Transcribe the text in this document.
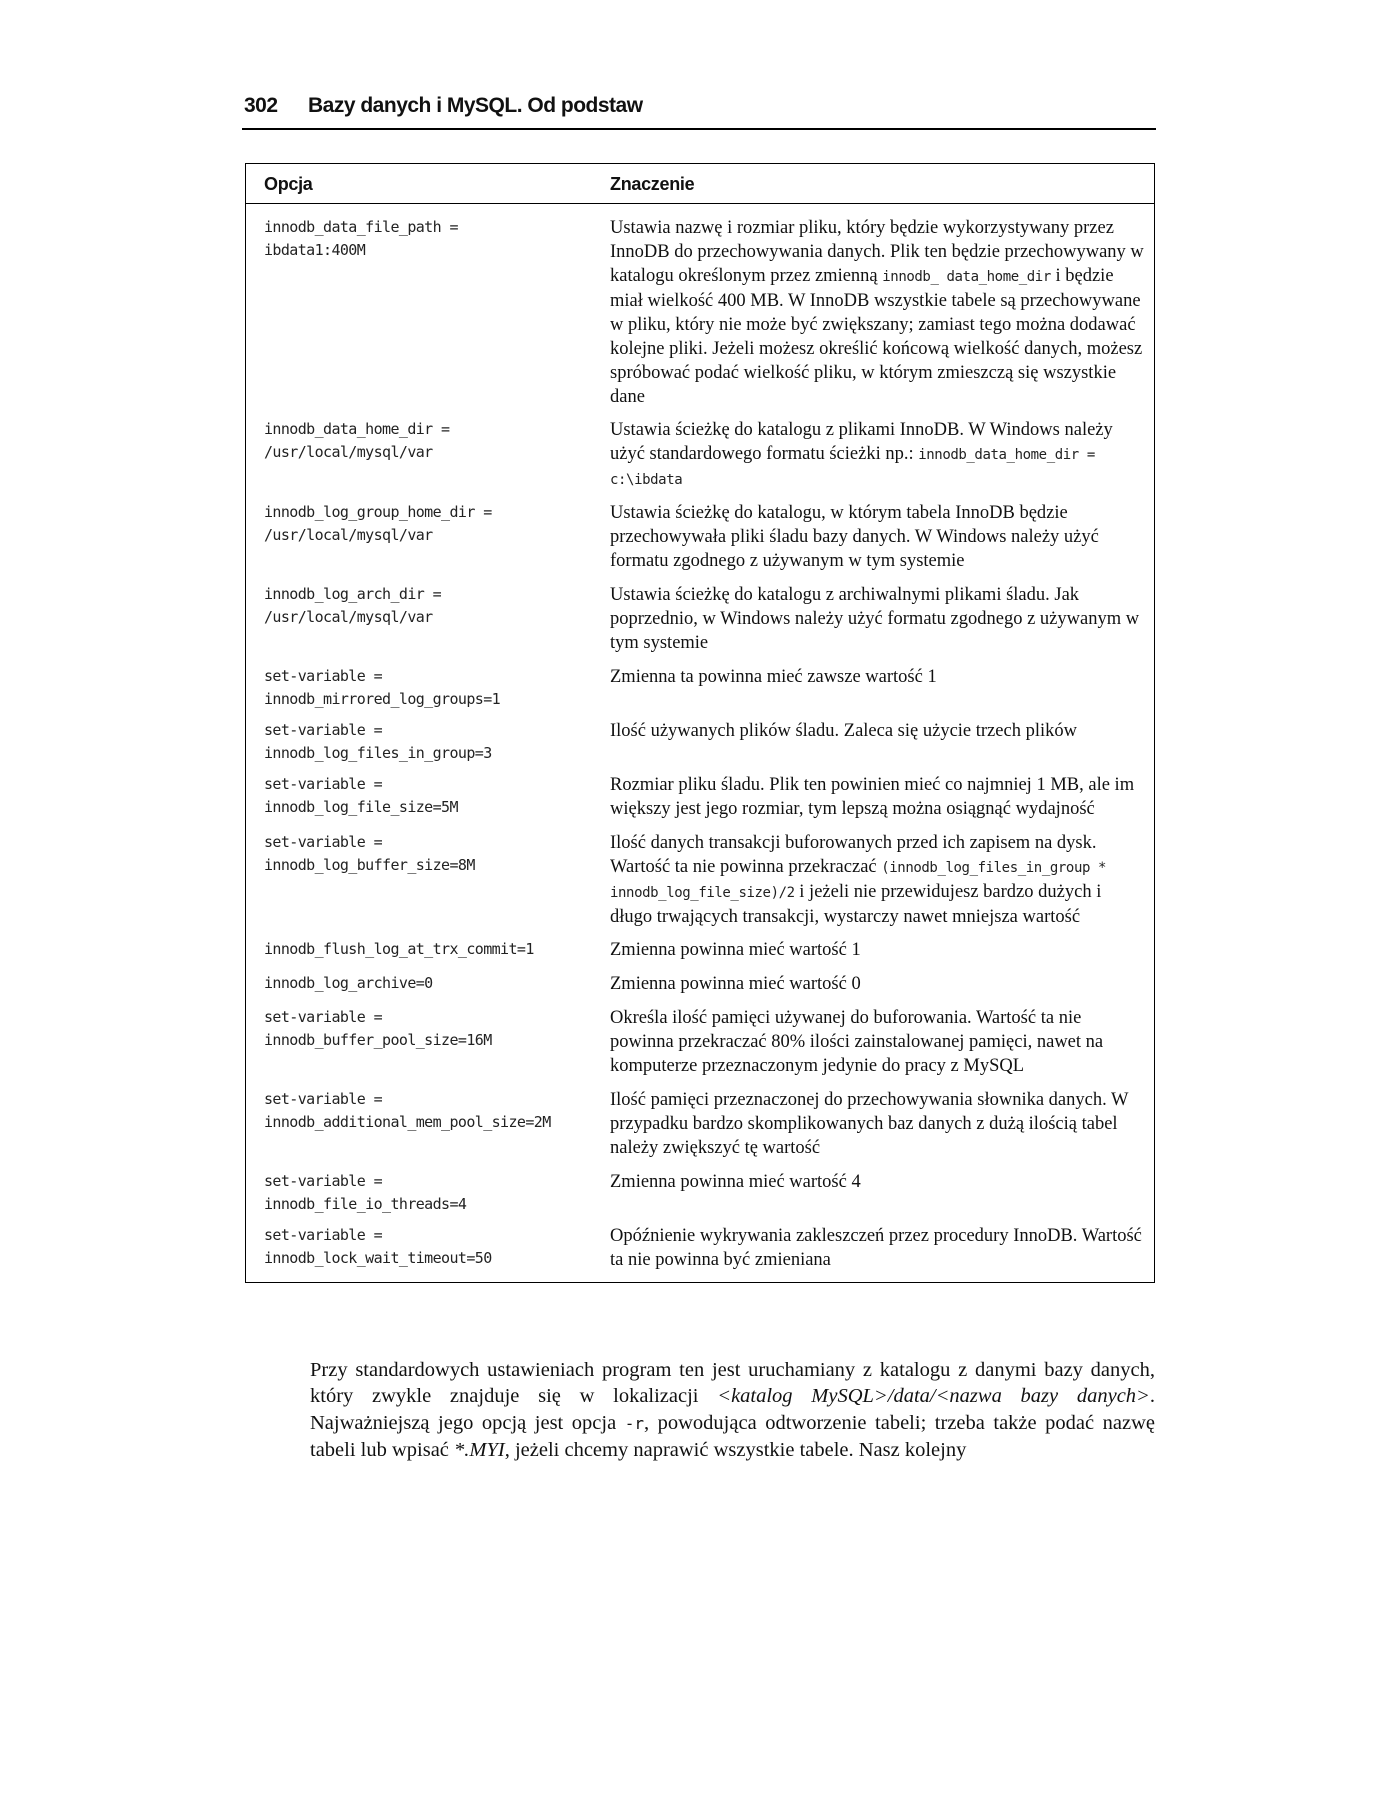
302 Bazy danych i MySQL. Od podstaw
Opcja	Znaczenie
innodb_data_file_path =
ibdata1:400M	Ustawia nazwę i rozmiar pliku, który będzie wykorzystywany przez InnoDB do przechowywania danych. Plik ten będzie przechowywany w katalogu określonym przez zmienną innodb_ data_home_dir i będzie miał wielkość 400 MB. W InnoDB wszystkie tabele są przechowywane w pliku, który nie może być zwiększany; zamiast tego można dodawać kolejne pliki. Jeżeli możesz określić końcową wielkość danych, możesz spróbować podać wielkość pliku, w którym zmieszczą się wszystkie dane
innodb_data_home_dir =
/usr/local/mysql/var	Ustawia ścieżkę do katalogu z plikami InnoDB. W Windows należy użyć standardowego formatu ścieżki np.: innodb_data_home_dir = c:\ibdata
innodb_log_group_home_dir =
/usr/local/mysql/var	Ustawia ścieżkę do katalogu, w którym tabela InnoDB będzie przechowywała pliki śladu bazy danych. W Windows należy użyć formatu zgodnego z używanym w tym systemie
innodb_log_arch_dir =
/usr/local/mysql/var	Ustawia ścieżkę do katalogu z archiwalnymi plikami śladu. Jak poprzednio, w Windows należy użyć formatu zgodnego z używanym w tym systemie
set-variable =
innodb_mirrored_log_groups=1	Zmienna ta powinna mieć zawsze wartość 1
set-variable =
innodb_log_files_in_group=3	Ilość używanych plików śladu. Zaleca się użycie trzech plików
set-variable =
innodb_log_file_size=5M	Rozmiar pliku śladu. Plik ten powinien mieć co najmniej 1 MB, ale im większy jest jego rozmiar, tym lepszą można osiągnąć wydajność
set-variable =
innodb_log_buffer_size=8M	Ilość danych transakcji buforowanych przed ich zapisem na dysk. Wartość ta nie powinna przekraczać (innodb_log_files_in_group * innodb_log_file_size)/2 i jeżeli nie przewidujesz bardzo dużych i długo trwających transakcji, wystarczy nawet mniejsza wartość
innodb_flush_log_at_trx_commit=1	Zmienna powinna mieć wartość 1
innodb_log_archive=0	Zmienna powinna mieć wartość 0
set-variable =
innodb_buffer_pool_size=16M	Określa ilość pamięci używanej do buforowania. Wartość ta nie powinna przekraczać 80% ilości zainstalowanej pamięci, nawet na komputerze przeznaczonym jedynie do pracy z MySQL
set-variable =
innodb_additional_mem_pool_size=2M	Ilość pamięci przeznaczonej do przechowywania słownika danych. W przypadku bardzo skomplikowanych baz danych z dużą ilością tabel należy zwiększyć tę wartość
set-variable =
innodb_file_io_threads=4	Zmienna powinna mieć wartość 4
set-variable =
innodb_lock_wait_timeout=50	Opóźnienie wykrywania zakleszczeń przez procedury InnoDB. Wartość ta nie powinna być zmieniana

Przy standardowych ustawieniach program ten jest uruchamiany z katalogu z danymi bazy danych, który zwykle znajduje się w lokalizacji <katalog MySQL>/data/<nazwa bazy danych>. Najważniejszą jego opcją jest opcja -r, powodująca odtworzenie tabeli; trzeba także podać nazwę tabeli lub wpisać *.MYI, jeżeli chcemy naprawić wszystkie tabele. Nasz kolejny
